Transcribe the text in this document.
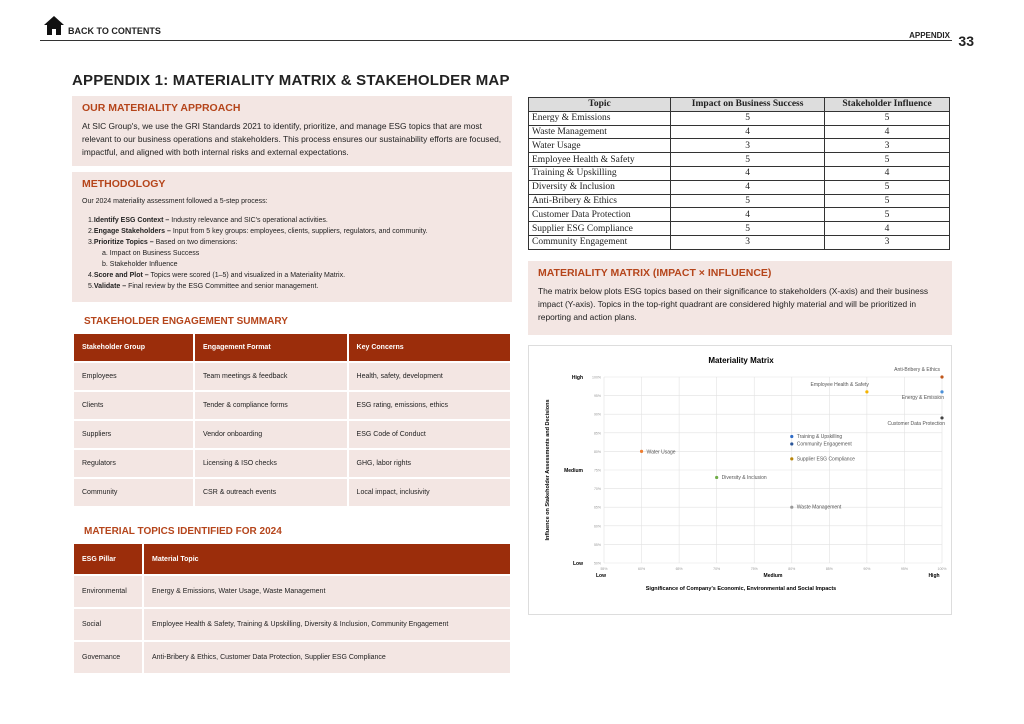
BACK TO CONTENTS	APPENDIX 33
APPENDIX 1: MATERIALITY MATRIX & STAKEHOLDER MAP
OUR MATERIALITY APPROACH
At SIC Group's, we use the GRI Standards 2021 to identify, prioritize, and manage ESG topics that are most relevant to our business operations and stakeholders. This process ensures our sustainability efforts are focused, impactful, and aligned with both internal risks and external expectations.
METHODOLOGY
Our 2024 materiality assessment followed a 5-step process:
1.Identify ESG Context – Industry relevance and SIC's operational activities.
2.Engage Stakeholders – Input from 5 key groups: employees, clients, suppliers, regulators, and community.
3.Prioritize Topics – Based on two dimensions:
a. Impact on Business Success
b. Stakeholder Influence
4.Score and Plot – Topics were scored (1–5) and visualized in a Materiality Matrix.
5.Validate – Final review by the ESG Committee and senior management.
STAKEHOLDER ENGAGEMENT SUMMARY
Stakeholder Group	Engagement Format	Key Concerns
Employees	Team meetings & feedback	Health, safety, development
Clients	Tender & compliance forms	ESG rating, emissions, ethics
Suppliers	Vendor onboarding	ESG Code of Conduct
Regulators	Licensing & ISO checks	GHG, labor rights
Community	CSR & outreach events	Local impact, inclusivity
MATERIAL TOPICS IDENTIFIED FOR 2024
ESG Pillar	Material Topic
Environmental	Energy & Emissions, Water Usage, Waste Management
Social	Employee Health & Safety, Training & Upskilling, Diversity & Inclusion, Community Engagement
Governance	Anti-Bribery & Ethics, Customer Data Protection, Supplier ESG Compliance
Topic	Impact on Business Success	Stakeholder Influence
Energy & Emissions	5	5
Waste Management	4	4
Water Usage	3	3
Employee Health & Safety	5	5
Training & Upskilling	4	4
Diversity & Inclusion	4	5
Anti-Bribery & Ethics	5	5
Customer Data Protection	4	5
Supplier ESG Compliance	5	4
Community Engagement	3	3
MATERIALITY MATRIX (IMPACT × INFLUENCE)
The matrix below plots ESG topics based on their significance to stakeholders (X-axis) and their business impact (Y-axis). Topics in the top-right quadrant are considered highly material and will be prioritized in reporting and action plans.
Materiality Matrix
50%
55%
60%
65%
70%
75%
80%
85%
90%
95%
100%
55%	60%	65%	70%	75%	80%	85%	90%	95%	100%
High
Medium
Low
Low	Medium	High
Significance of Company's Economic, Environmental and Social Impacts
Influence on Stakeholder Assessments and Decisions
Anti-Bribery & Ethics
Employee Health & Safety
Energy & Emission
Customer Data Protection
Training & Upskilling
Community Engagement
Water Usage
Supplier ESG Compliance
Diversity & Inclusion
Waste Management
